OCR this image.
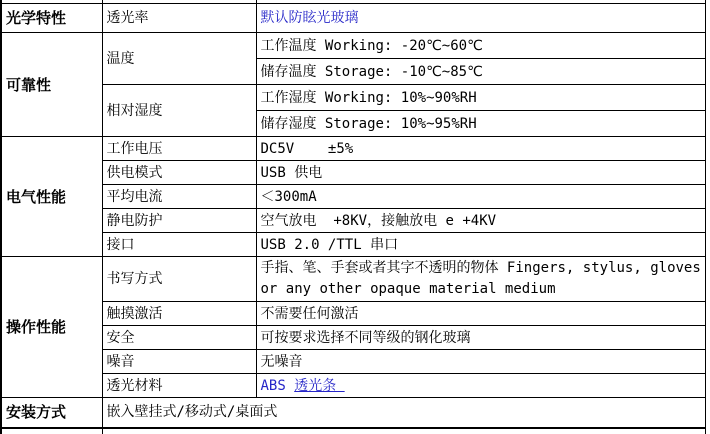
光学特性	透光率	默认防眩光玻璃
可靠性	温度	工作温度 Working: -20℃~60℃
		储存温度 Storage: -10℃~85℃
	相对湿度	工作湿度 Working: 10%~90%RH
		储存湿度 Storage: 10%~95%RH
电气性能	工作电压	DC5V    ±5%
	供电模式	USB 供电
	平均电流	＜300mA
	静电防护	空气放电  +8KV，接触放电 e +4KV
	接口	USB 2.0 /TTL 串口
操作性能	书写方式	手指、笔、手套或者其字不透明的物体 Fingers, stylus, gloves or any other opaque material medium
	触摸激活	不需要任何激活
	安全	可按要求选择不同等级的钢化玻璃
	噪音	无噪音
	透光材料	ABS 透光条
安装方式	嵌入壁挂式/移动式/桌面式	
